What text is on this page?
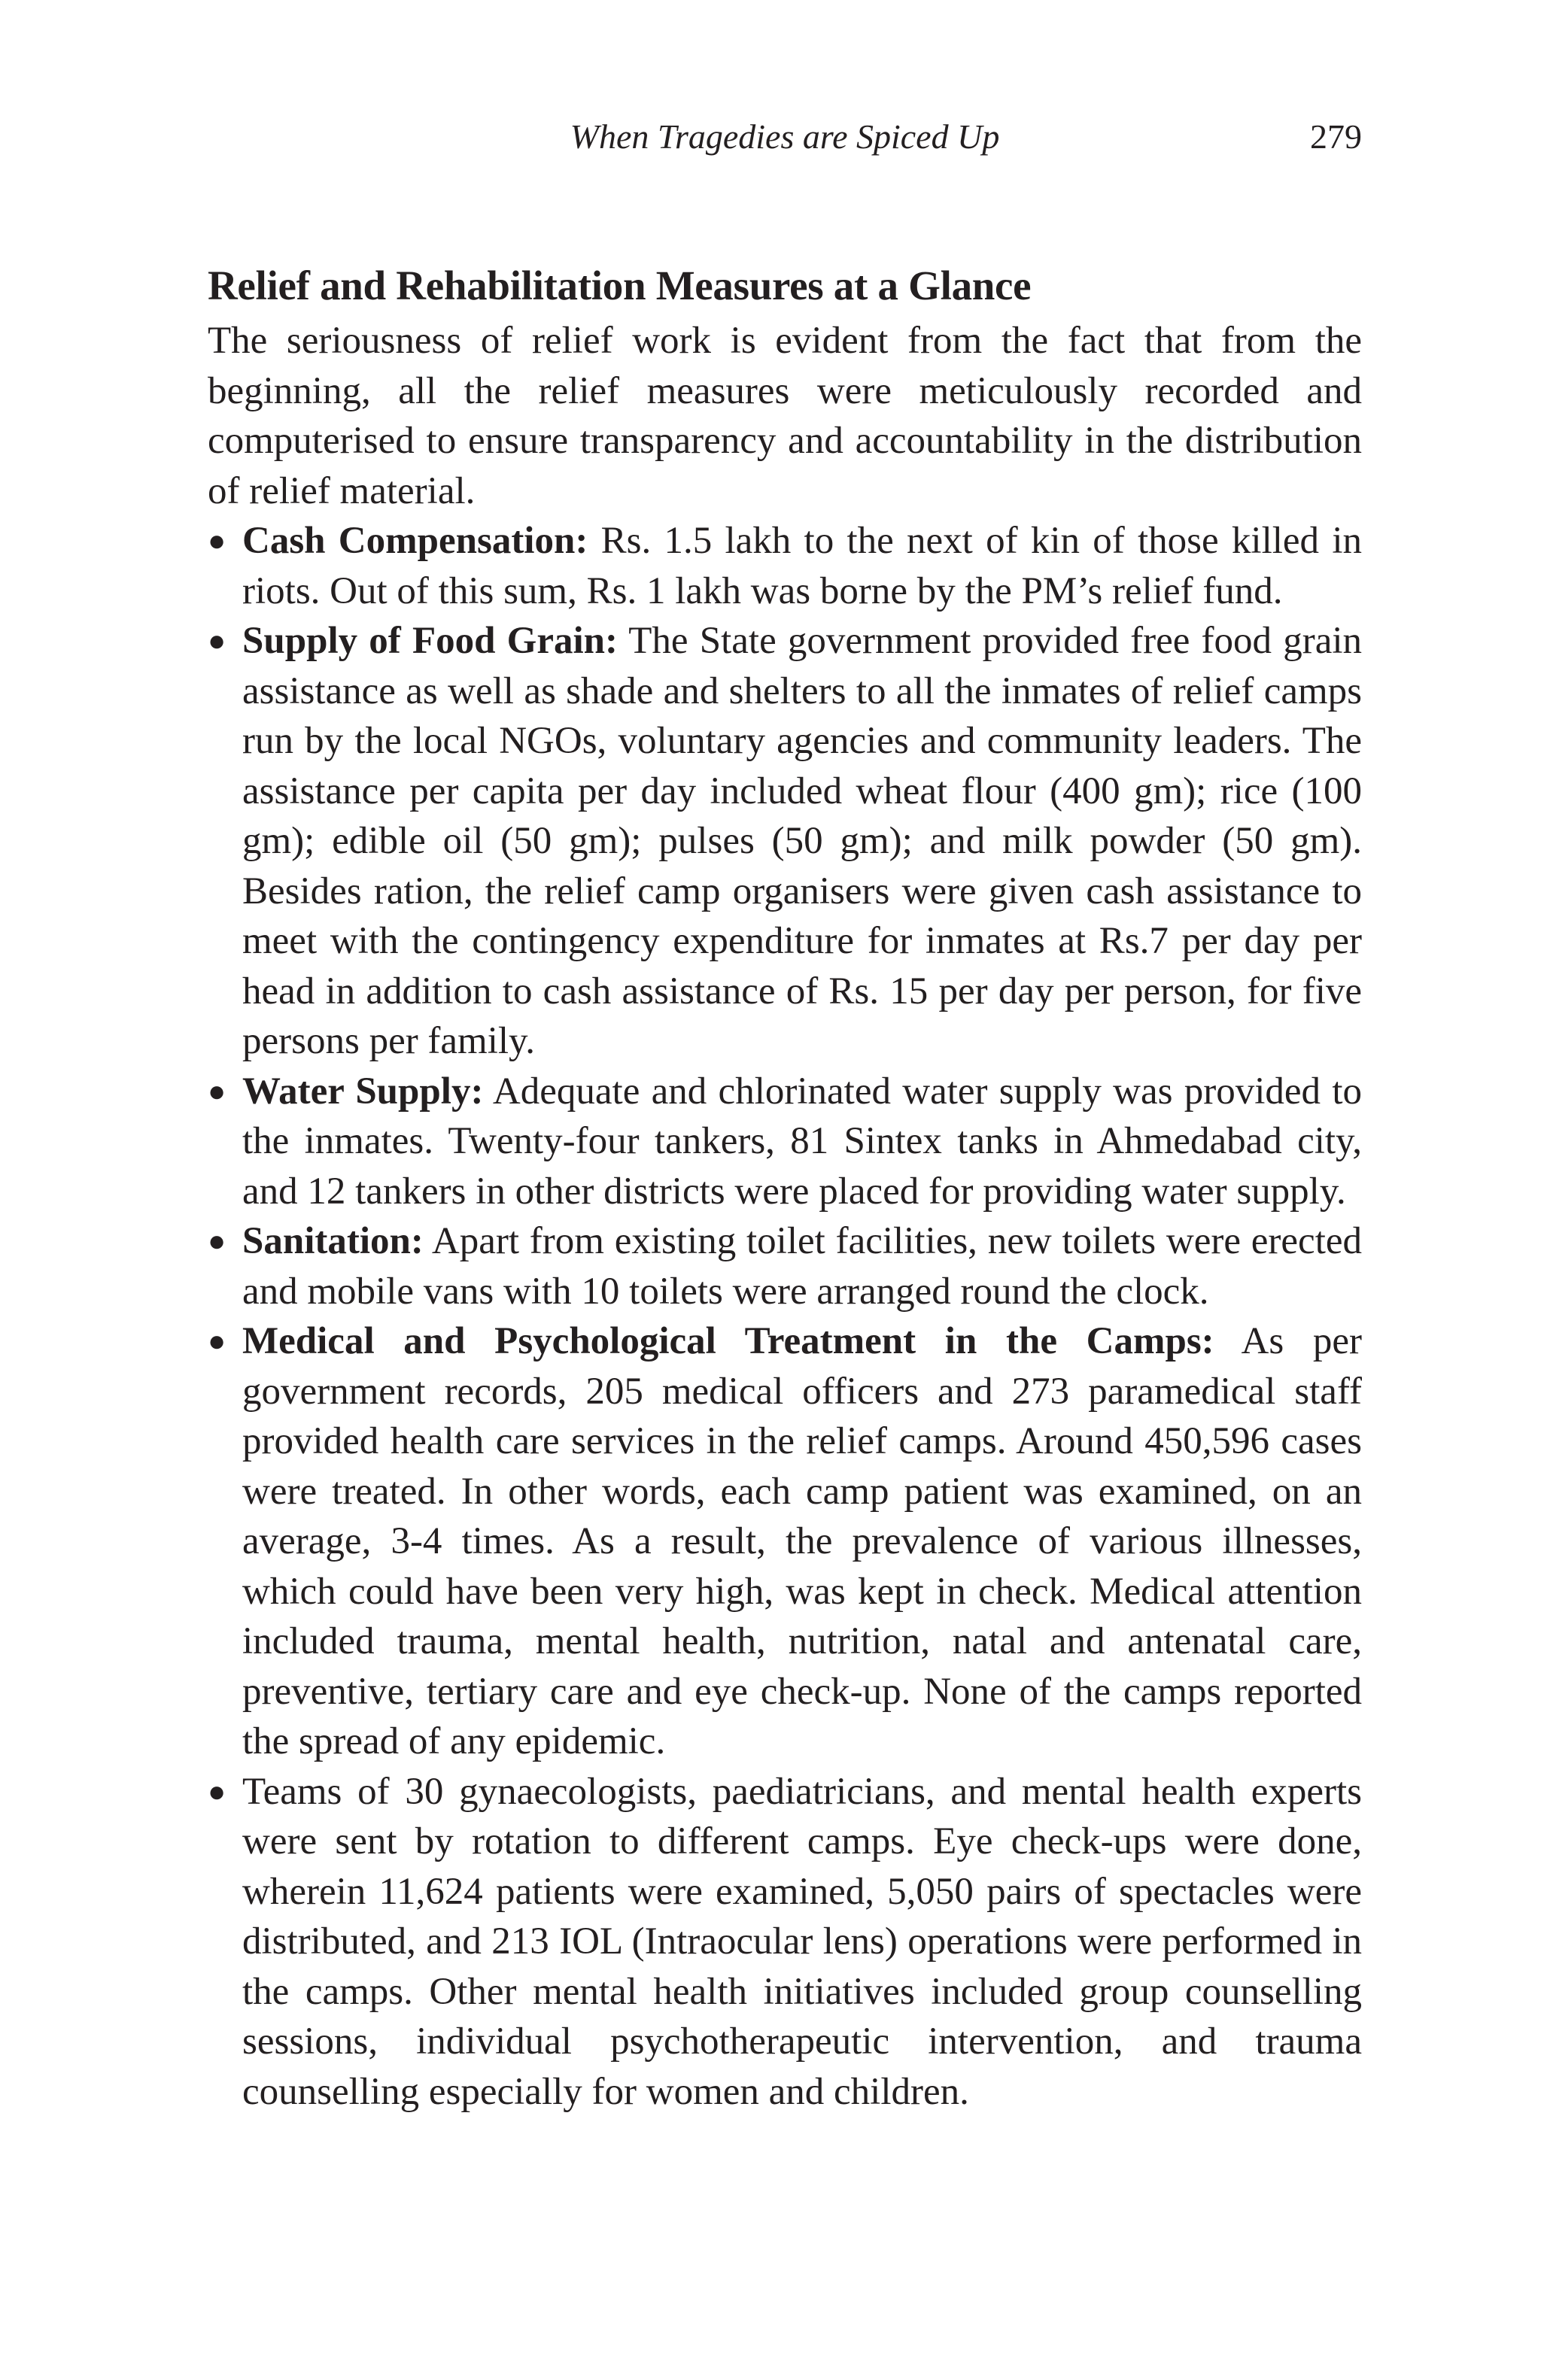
When Tragedies are Spiced Up	279
Relief and Rehabilitation Measures at a Glance

The seriousness of relief work is evident from the fact that from the beginning, all the relief measures were meticulously recorded and computerised to ensure transparency and accountability in the distribution of relief material.

● Cash Compensation: Rs. 1.5 lakh to the next of kin of those killed in riots. Out of this sum, Rs. 1 lakh was borne by the PM’s relief fund.
● Supply of Food Grain: The State government provided free food grain assistance as well as shade and shelters to all the inmates of relief camps run by the local NGOs, voluntary agencies and community leaders. The assistance per capita per day included wheat flour (400 gm); rice (100 gm); edible oil (50 gm); pulses (50 gm); and milk powder (50 gm). Besides ration, the relief camp organisers were given cash assistance to meet with the contingency expenditure for inmates at Rs.7 per day per head in addition to cash assistance of Rs. 15 per day per person, for five persons per family.
● Water Supply: Adequate and chlorinated water supply was provided to the inmates. Twenty-four tankers, 81 Sintex tanks in Ahmedabad city, and 12 tankers in other districts were placed for providing water supply.
● Sanitation: Apart from existing toilet facilities, new toilets were erected and mobile vans with 10 toilets were arranged round the clock.
● Medical and Psychological Treatment in the Camps: As per government records, 205 medical officers and 273 paramedical staff provided health care services in the relief camps. Around 450,596 cases were treated. In other words, each camp patient was examined, on an average, 3-4 times. As a result, the prevalence of various illnesses, which could have been very high, was kept in check. Medical attention included trauma, mental health, nutrition, natal and antenatal care, preventive, tertiary care and eye check-up. None of the camps reported the spread of any epidemic.
● Teams of 30 gynaecologists, paediatricians, and mental health experts were sent by rotation to different camps. Eye check-ups were done, wherein 11,624 patients were examined, 5,050 pairs of spectacles were distributed, and 213 IOL (Intraocular lens) operations were performed in the camps. Other mental health initiatives included group counselling sessions, individual psychotherapeutic intervention, and trauma counselling especially for women and children.
